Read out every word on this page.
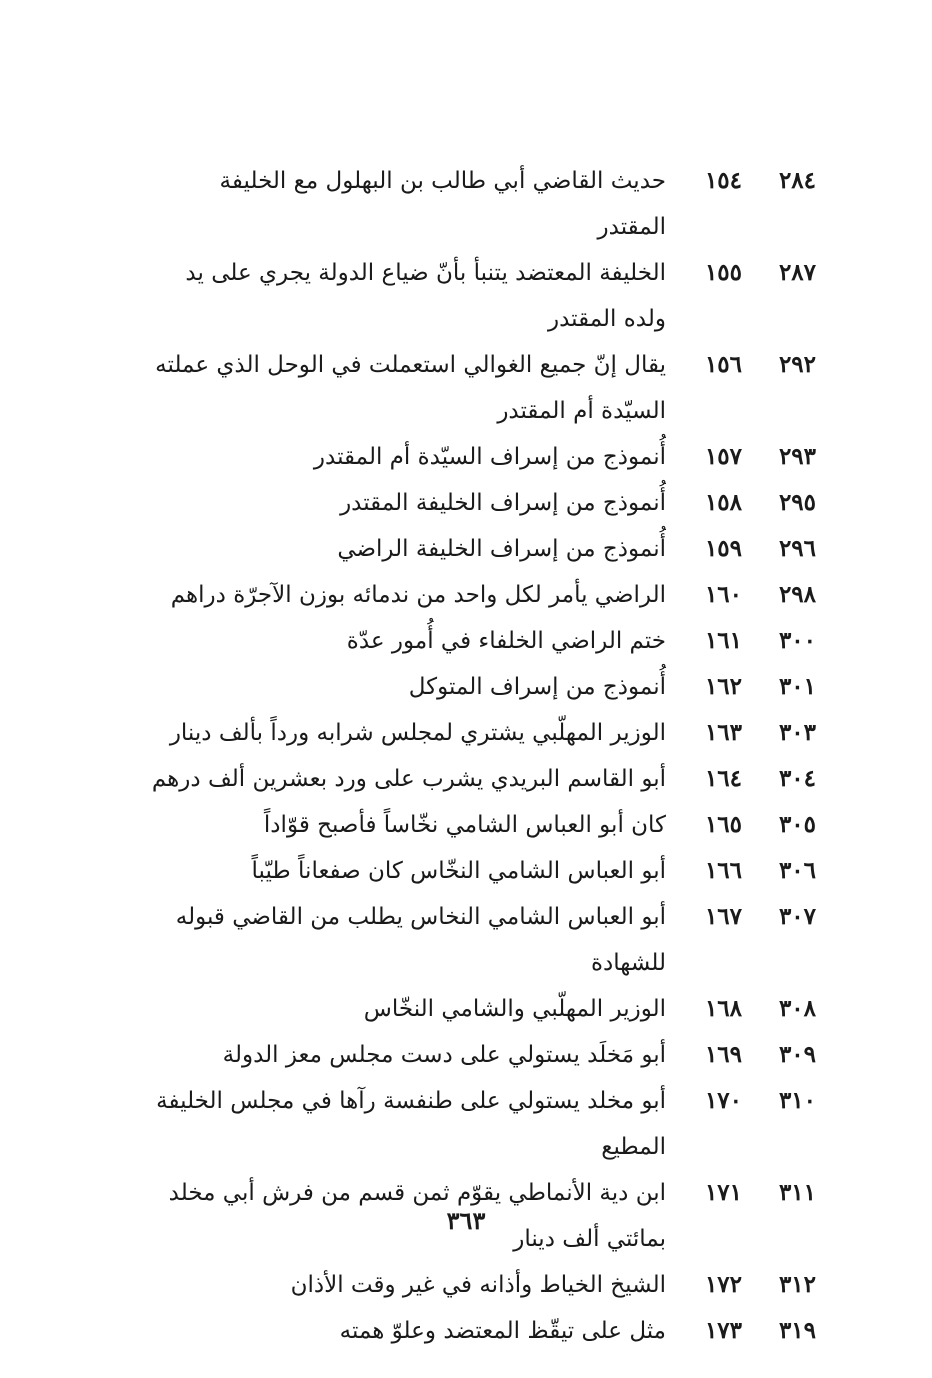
٢٨٤
١٥٤
حديث القاضي أبي طالب بن البهلول مع الخليفة المقتدر
٢٨٧
١٥٥
الخليفة المعتضد يتنبأ بأنّ ضياع الدولة يجري على يد ولده المقتدر
٢٩٢
١٥٦
يقال إنّ جميع الغوالي استعملت في الوحل الذي عملته السيّدة أم المقتدر
٢٩٣
١٥٧
أُنموذج من إسراف السيّدة أم المقتدر
٢٩٥
١٥٨
أُنموذج من إسراف الخليفة المقتدر
٢٩٦
١٥٩
أُنموذج من إسراف الخليفة الراضي
٢٩٨
١٦٠
الراضي يأمر لكل واحد من ندمائه بوزن الآجرّة دراهم
٣٠٠
١٦١
ختم الراضي الخلفاء في أُمور عدّة
٣٠١
١٦٢
أُنموذج من إسراف المتوكل
٣٠٣
١٦٣
الوزير المهلّبي يشتري لمجلس شرابه ورداً بألف دينار
٣٠٤
١٦٤
أبو القاسم البريدي يشرب على ورد بعشرين ألف درهم
٣٠٥
١٦٥
كان أبو العباس الشامي نخّاساً فأصبح قوّاداً
٣٠٦
١٦٦
أبو العباس الشامي النخّاس كان صفعاناً طيّباً
٣٠٧
١٦٧
أبو العباس الشامي النخاس يطلب من القاضي قبوله للشهادة
٣٠٨
١٦٨
الوزير المهلّبي والشامي النخّاس
٣٠٩
١٦٩
أبو مَخلَد يستولي على دست مجلس معز الدولة
٣١٠
١٧٠
أبو مخلد يستولي على طنفسة رآها في مجلس الخليفة المطيع
٣١١
١٧١
ابن دية الأنماطي يقوّم ثمن قسم من فرش أبي مخلد بمائتي ألف دينار
٣١٢
١٧٢
الشيخ الخياط وأذانه في غير وقت الأذان
٣١٩
١٧٣
مثل على تيقّظ المعتضد وعلوّ همته
٣٦٣
